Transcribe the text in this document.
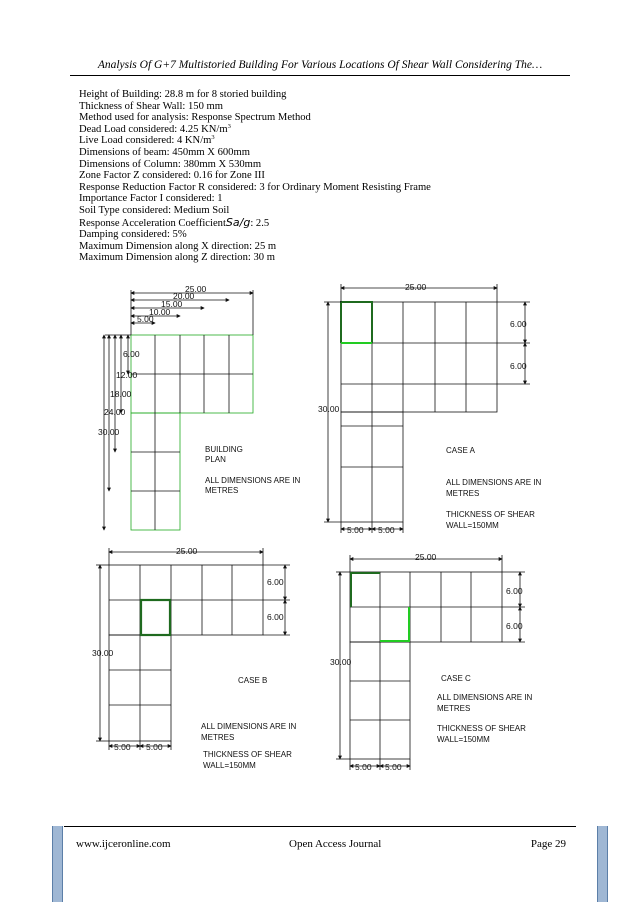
Analysis Of G+7 Multistoried Building For Various Locations Of Shear Wall Considering The…
Height of Building: 28.8 m for 8 storied building
Thickness of Shear Wall: 150 mm
Method used for analysis: Response Spectrum Method
Dead Load considered: 4.25 $KN/m^3$
Live Load considered: 4 $KN/m^3$
Dimensions of beam: 450mm X 600mm
Dimensions of Column: 380mm X 530mm
Zone Factor Z considered: 0.16 for Zone III
Response Reduction Factor R considered: 3 for Ordinary Moment Resisting Frame
Importance Factor I considered: 1
Soil Type considered: Medium Soil
Response Acceleration CoefficientSa/g: 2.5
Damping considered: 5%
Maximum Dimension along X direction: 25 m
Maximum Dimension along Z direction: 30 m
25.00
20.00
15.00
10.00
5.00
6.00
12.00
18.00
24.00
30.00
BUILDING
PLAN
ALL DIMENSIONS ARE IN
METRES
25.00
30.00
6.00
6.00
5.00 5.00
CASE A
ALL DIMENSIONS ARE IN
METRES
THICKNESS OF SHEAR
WALL=150MM
25.00
30.00
6.00
6.00
5.00 5.00
CASE B
ALL DIMENSIONS ARE IN
METRES
THICKNESS OF SHEAR
WALL=150MM
25.00
30.00
6.00
6.00
5.00 5.00
CASE C
ALL DIMENSIONS ARE IN
METRES
THICKNESS OF SHEAR
WALL=150MM
www.ijceronline.com	Open Access Journal	Page 29
